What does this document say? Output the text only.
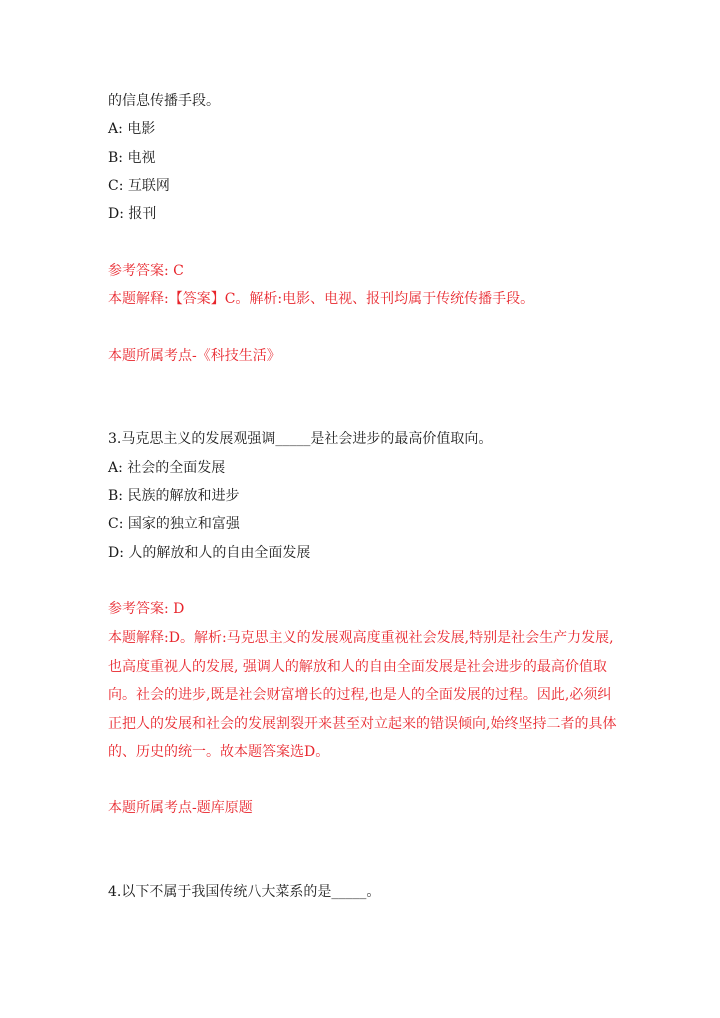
的信息传播手段。
A: 电影
B: 电视
C: 互联网
D: 报刊
参考答案: C
本题解释:【答案】C。解析:电影、电视、报刊均属于传统传播手段。
本题所属考点-《科技生活》
3.马克思主义的发展观强调_____是社会进步的最高价值取向。
A: 社会的全面发展
B: 民族的解放和进步
C: 国家的独立和富强
D: 人的解放和人的自由全面发展
参考答案: D
本题解释:D。解析:马克思主义的发展观高度重视社会发展,特别是社会生产力发展,也高度重视人的发展, 强调人的解放和人的自由全面发展是社会进步的最高价值取向。社会的进步,既是社会财富增长的过程,也是人的全面发展的过程。因此,必须纠正把人的发展和社会的发展割裂开来甚至对立起来的错误倾向,始终坚持二者的具体的、历史的统一。故本题答案选D。
本题所属考点-题库原题
4.以下不属于我国传统八大菜系的是_____。
